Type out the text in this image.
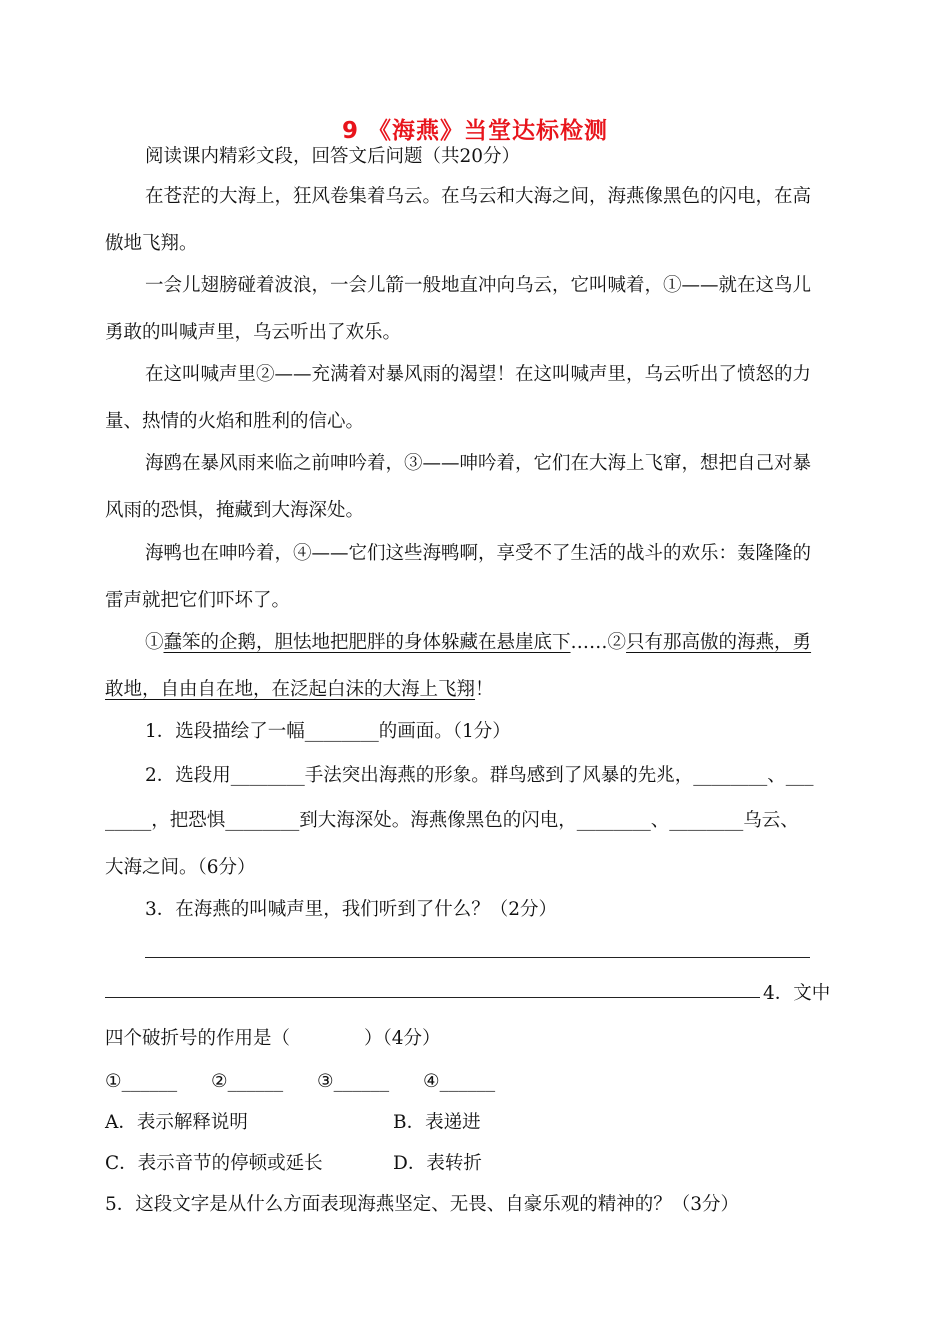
9 《海燕》当堂达标检测
阅读课内精彩文段，回答文后问题（共20分）
在苍茫的大海上，狂风卷集着乌云。在乌云和大海之间，海燕像黑色的闪电，在高
傲地飞翔。
一会儿翅膀碰着波浪，一会儿箭一般地直冲向乌云，它叫喊着，①——就在这鸟儿
勇敢的叫喊声里，乌云听出了欢乐。
在这叫喊声里②——充满着对暴风雨的渴望！在这叫喊声里，乌云听出了愤怒的力
量、热情的火焰和胜利的信心。
海鸥在暴风雨来临之前呻吟着，③——呻吟着，它们在大海上飞窜，想把自己对暴
风雨的恐惧，掩藏到大海深处。
海鸭也在呻吟着，④——它们这些海鸭啊，享受不了生活的战斗的欢乐：轰隆隆的
雷声就把它们吓坏了。
①蠢笨的企鹅，胆怯地把肥胖的身体躲藏在悬崖底下……②只有那高傲的海燕，勇
敢地，自由自在地，在泛起白沫的大海上飞翔！
1．选段描绘了一幅________的画面。（1分）
2．选段用________手法突出海燕的形象。群鸟感到了风暴的先兆，________、___
_____，把恐惧________到大海深处。海燕像黑色的闪电，________、________乌云、
大海之间。（6分）
3．在海燕的叫喊声里，我们听到了什么？（2分）
4．文中
四个破折号的作用是（　　　　）（4分）
①______ ②______ ③______ ④______
A．表示解释说明	B．表递进
C．表示音节的停顿或延长	D．表转折
5．这段文字是从什么方面表现海燕坚定、无畏、自豪乐观的精神的？（3分）
